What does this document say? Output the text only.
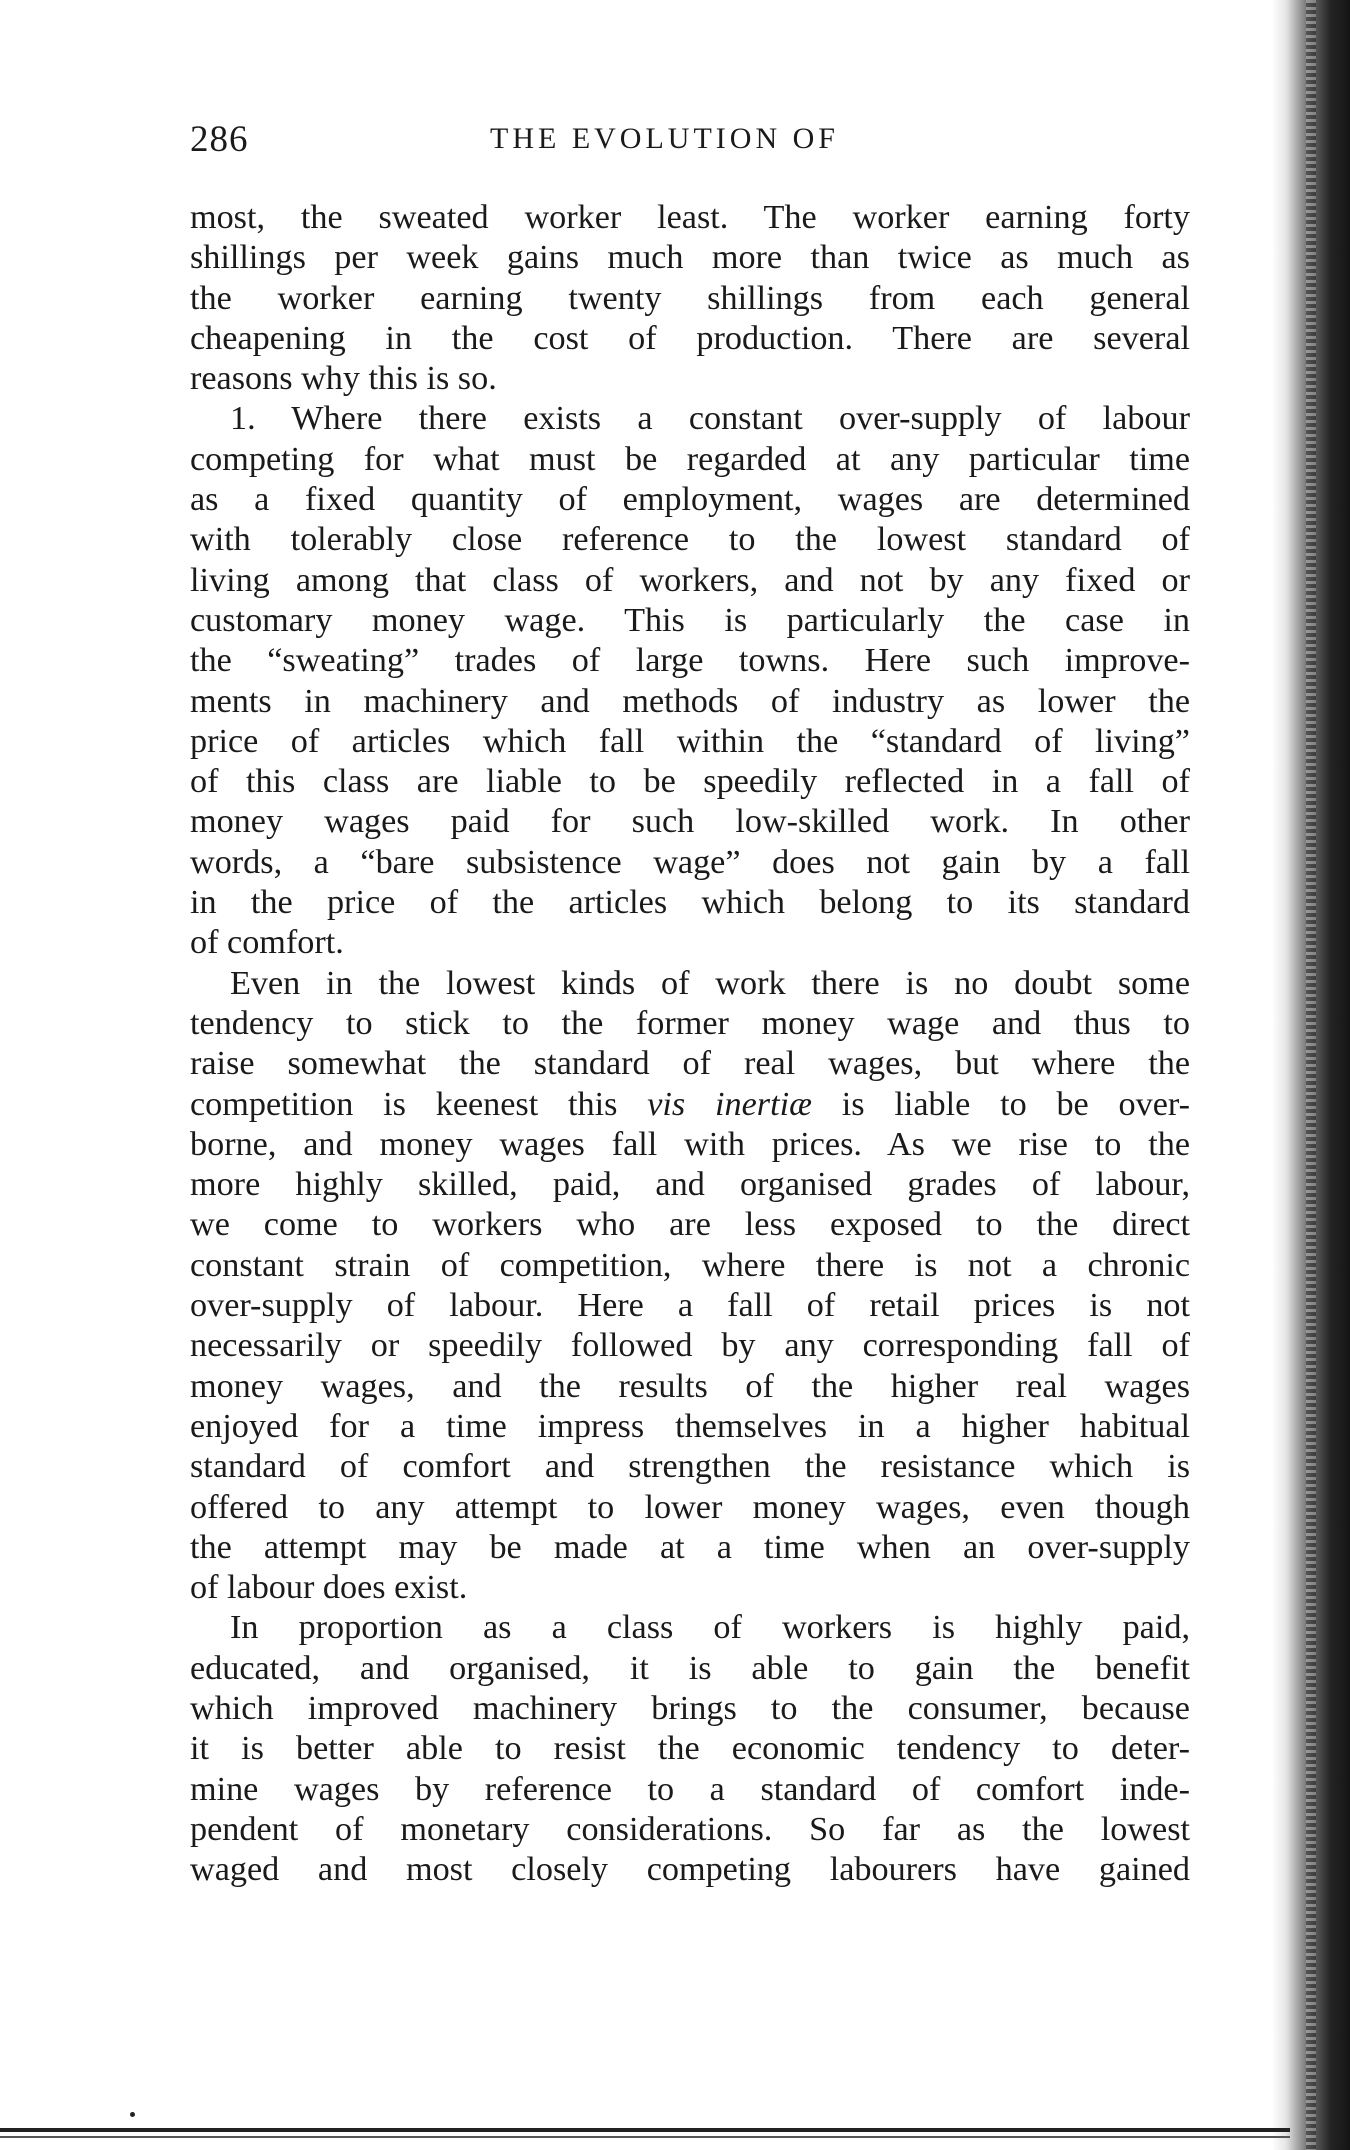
286	THE EVOLUTION OF
most, the sweated worker least. The worker earning forty
shillings per week gains much more than twice as much as
the worker earning twenty shillings from each general
cheapening in the cost of production. There are several
reasons why this is so.
1. Where there exists a constant over-supply of labour
competing for what must be regarded at any particular time
as a fixed quantity of employment, wages are determined
with tolerably close reference to the lowest standard of
living among that class of workers, and not by any fixed or
customary money wage. This is particularly the case in
the “sweating” trades of large towns. Here such improve-
ments in machinery and methods of industry as lower the
price of articles which fall within the “standard of living”
of this class are liable to be speedily reflected in a fall of
money wages paid for such low-skilled work. In other
words, a “bare subsistence wage” does not gain by a fall
in the price of the articles which belong to its standard
of comfort.
Even in the lowest kinds of work there is no doubt some
tendency to stick to the former money wage and thus to
raise somewhat the standard of real wages, but where the
competition is keenest this vis inertiæ is liable to be over-
borne, and money wages fall with prices. As we rise to the
more highly skilled, paid, and organised grades of labour,
we come to workers who are less exposed to the direct
constant strain of competition, where there is not a chronic
over-supply of labour. Here a fall of retail prices is not
necessarily or speedily followed by any corresponding fall of
money wages, and the results of the higher real wages
enjoyed for a time impress themselves in a higher habitual
standard of comfort and strengthen the resistance which is
offered to any attempt to lower money wages, even though
the attempt may be made at a time when an over-supply
of labour does exist.
In proportion as a class of workers is highly paid,
educated, and organised, it is able to gain the benefit
which improved machinery brings to the consumer, because
it is better able to resist the economic tendency to deter-
mine wages by reference to a standard of comfort inde-
pendent of monetary considerations. So far as the lowest
waged and most closely competing labourers have gained
